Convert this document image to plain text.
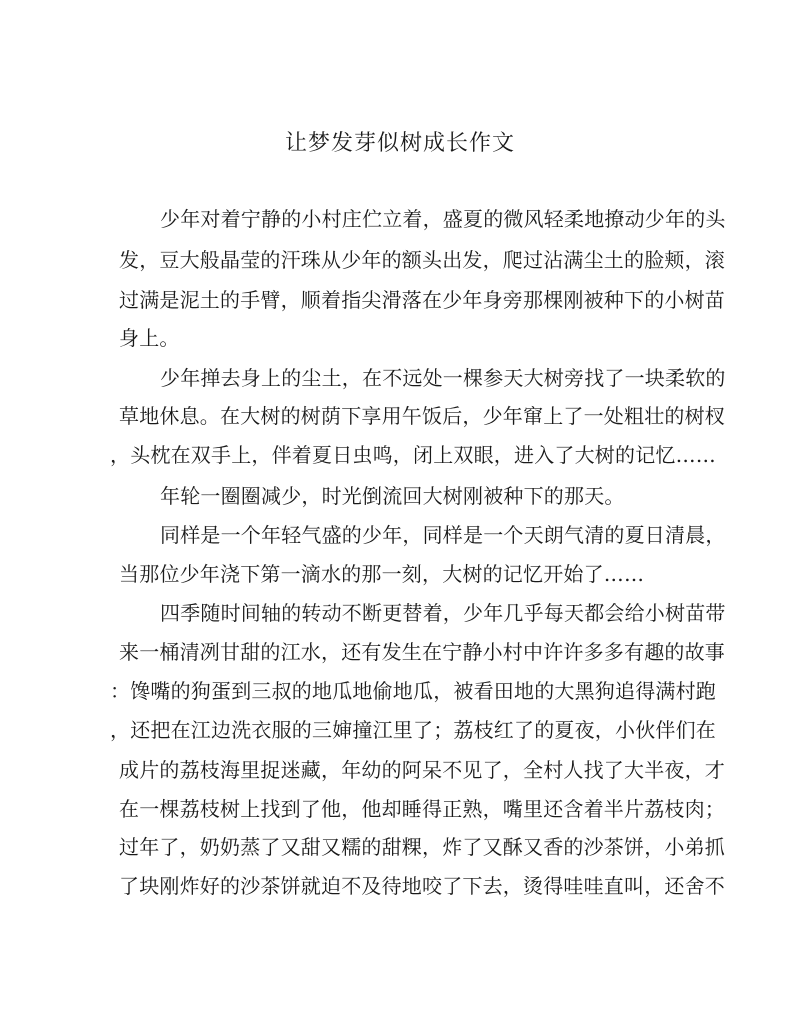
让梦发芽似树成长作文
少年对着宁静的小村庄伫立着，盛夏的微风轻柔地撩动少年的头
发，豆大般晶莹的汗珠从少年的额头出发，爬过沾满尘土的脸颊，滚
过满是泥土的手臂，顺着指尖滑落在少年身旁那棵刚被种下的小树苗
身上。
少年掸去身上的尘土，在不远处一棵参天大树旁找了一块柔软的
草地休息。在大树的树荫下享用午饭后，少年窜上了一处粗壮的树杈
，头枕在双手上，伴着夏日虫鸣，闭上双眼，进入了大树的记忆……
年轮一圈圈减少，时光倒流回大树刚被种下的那天。
同样是一个年轻气盛的少年，同样是一个天朗气清的夏日清晨，
当那位少年浇下第一滴水的那一刻，大树的记忆开始了……
四季随时间轴的转动不断更替着，少年几乎每天都会给小树苗带
来一桶清冽甘甜的江水，还有发生在宁静小村中许许多多有趣的故事
：馋嘴的狗蛋到三叔的地瓜地偷地瓜，被看田地的大黑狗追得满村跑
，还把在江边洗衣服的三婶撞江里了；荔枝红了的夏夜，小伙伴们在
成片的荔枝海里捉迷藏，年幼的阿呆不见了，全村人找了大半夜，才
在一棵荔枝树上找到了他，他却睡得正熟，嘴里还含着半片荔枝肉；
过年了，奶奶蒸了又甜又糯的甜粿，炸了又酥又香的沙茶饼，小弟抓
了块刚炸好的沙茶饼就迫不及待地咬了下去，烫得哇哇直叫，还舍不
